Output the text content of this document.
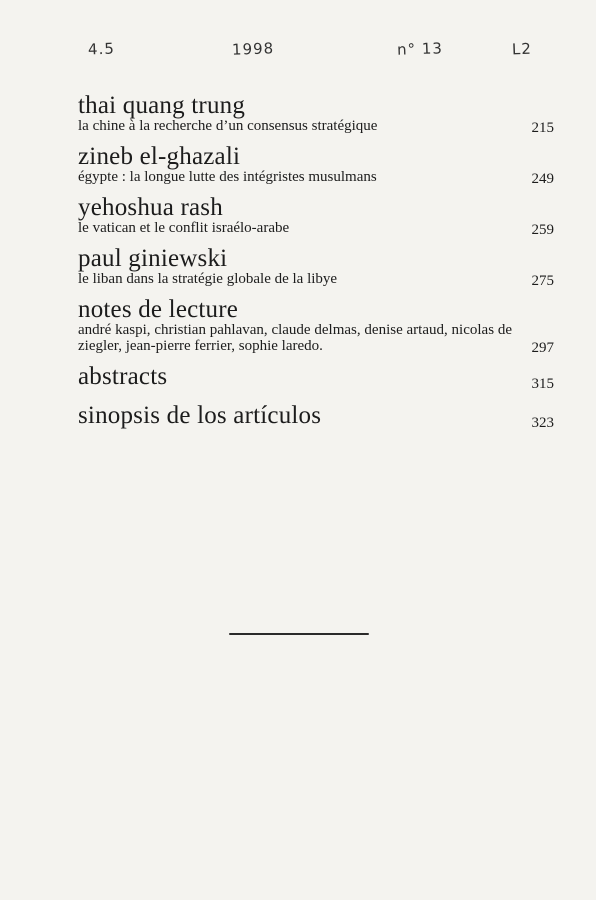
4.5	1998	n° 13	L2
thai quang trung
la chine à la recherche d’un consensus stratégique	215
zineb el-ghazali
égypte : la longue lutte des intégristes musulmans	249
yehoshua rash
le vatican et le conflit israélo-arabe	259
paul giniewski
le liban dans la stratégie globale de la libye	275
notes de lecture
andré kaspi, christian pahlavan, claude delmas, denise artaud, nicolas de ziegler, jean-pierre ferrier, sophie laredo.	297
abstracts	315
sinopsis de los artículos	323
